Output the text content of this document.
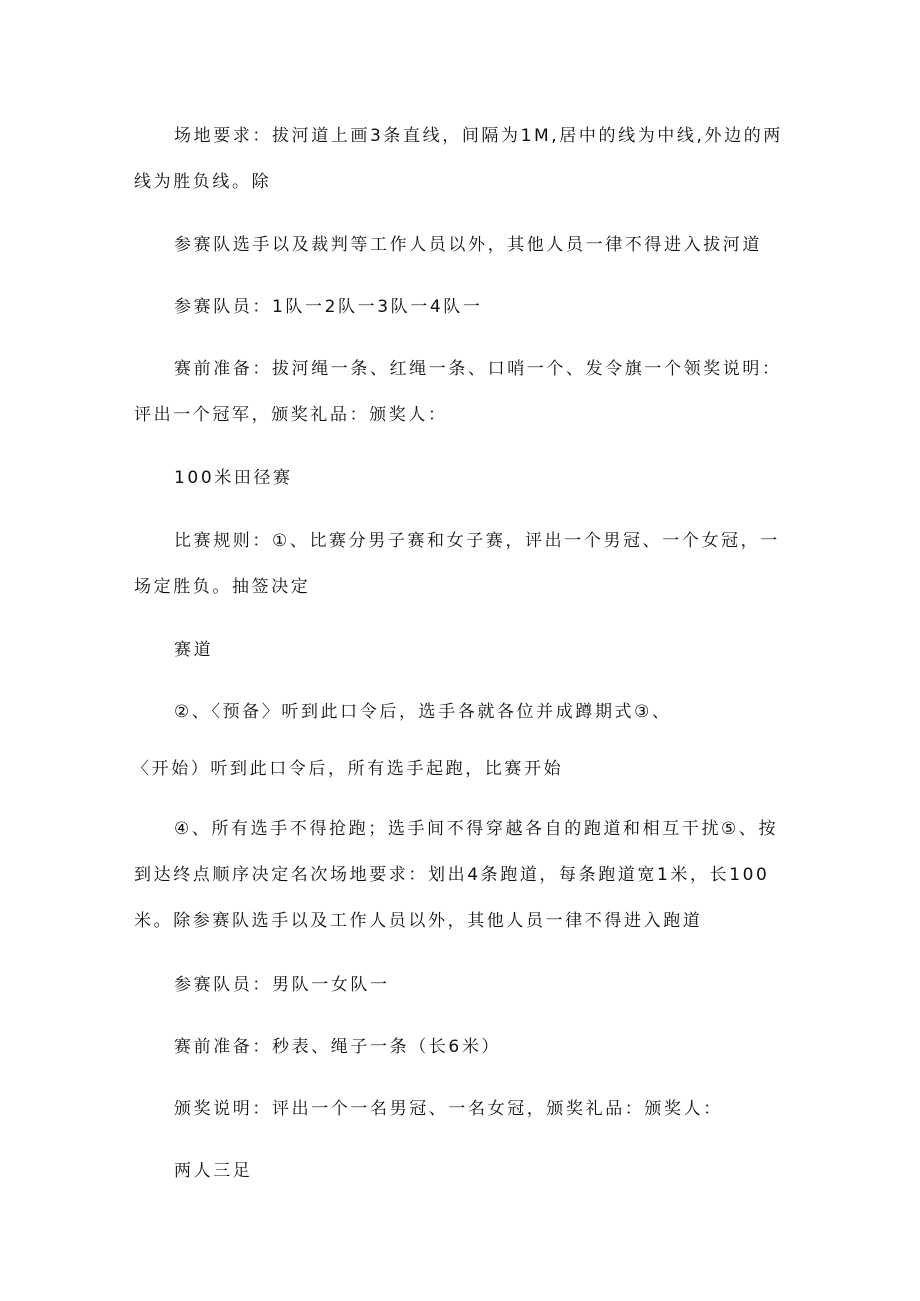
场地要求：拔河道上画3条直线，间隔为1M,居中的线为中线,外边的两线为胜负线。除

参赛队选手以及裁判等工作人员以外，其他人员一律不得进入拔河道

参赛队员：1队一2队一3队一4队一

赛前准备：拔河绳一条、红绳一条、口哨一个、发令旗一个领奖说明：评出一个冠军，颁奖礼品：颁奖人：

100米田径赛

比赛规则：①、比赛分男子赛和女子赛，评出一个男冠、一个女冠，一场定胜负。抽签决定

赛道

②、〈预备〉听到此口令后，选手各就各位并成蹲期式③、

〈开始）听到此口令后，所有选手起跑，比赛开始

④、所有选手不得抢跑；选手间不得穿越各自的跑道和相互干扰⑤、按到达终点顺序决定名次场地要求：划出4条跑道，每条跑道宽1米，长100米。除参赛队选手以及工作人员以外，其他人员一律不得进入跑道

参赛队员：男队一女队一

赛前准备：秒表、绳子一条（长6米）

颁奖说明：评出一个一名男冠、一名女冠，颁奖礼品：颁奖人：

两人三足
